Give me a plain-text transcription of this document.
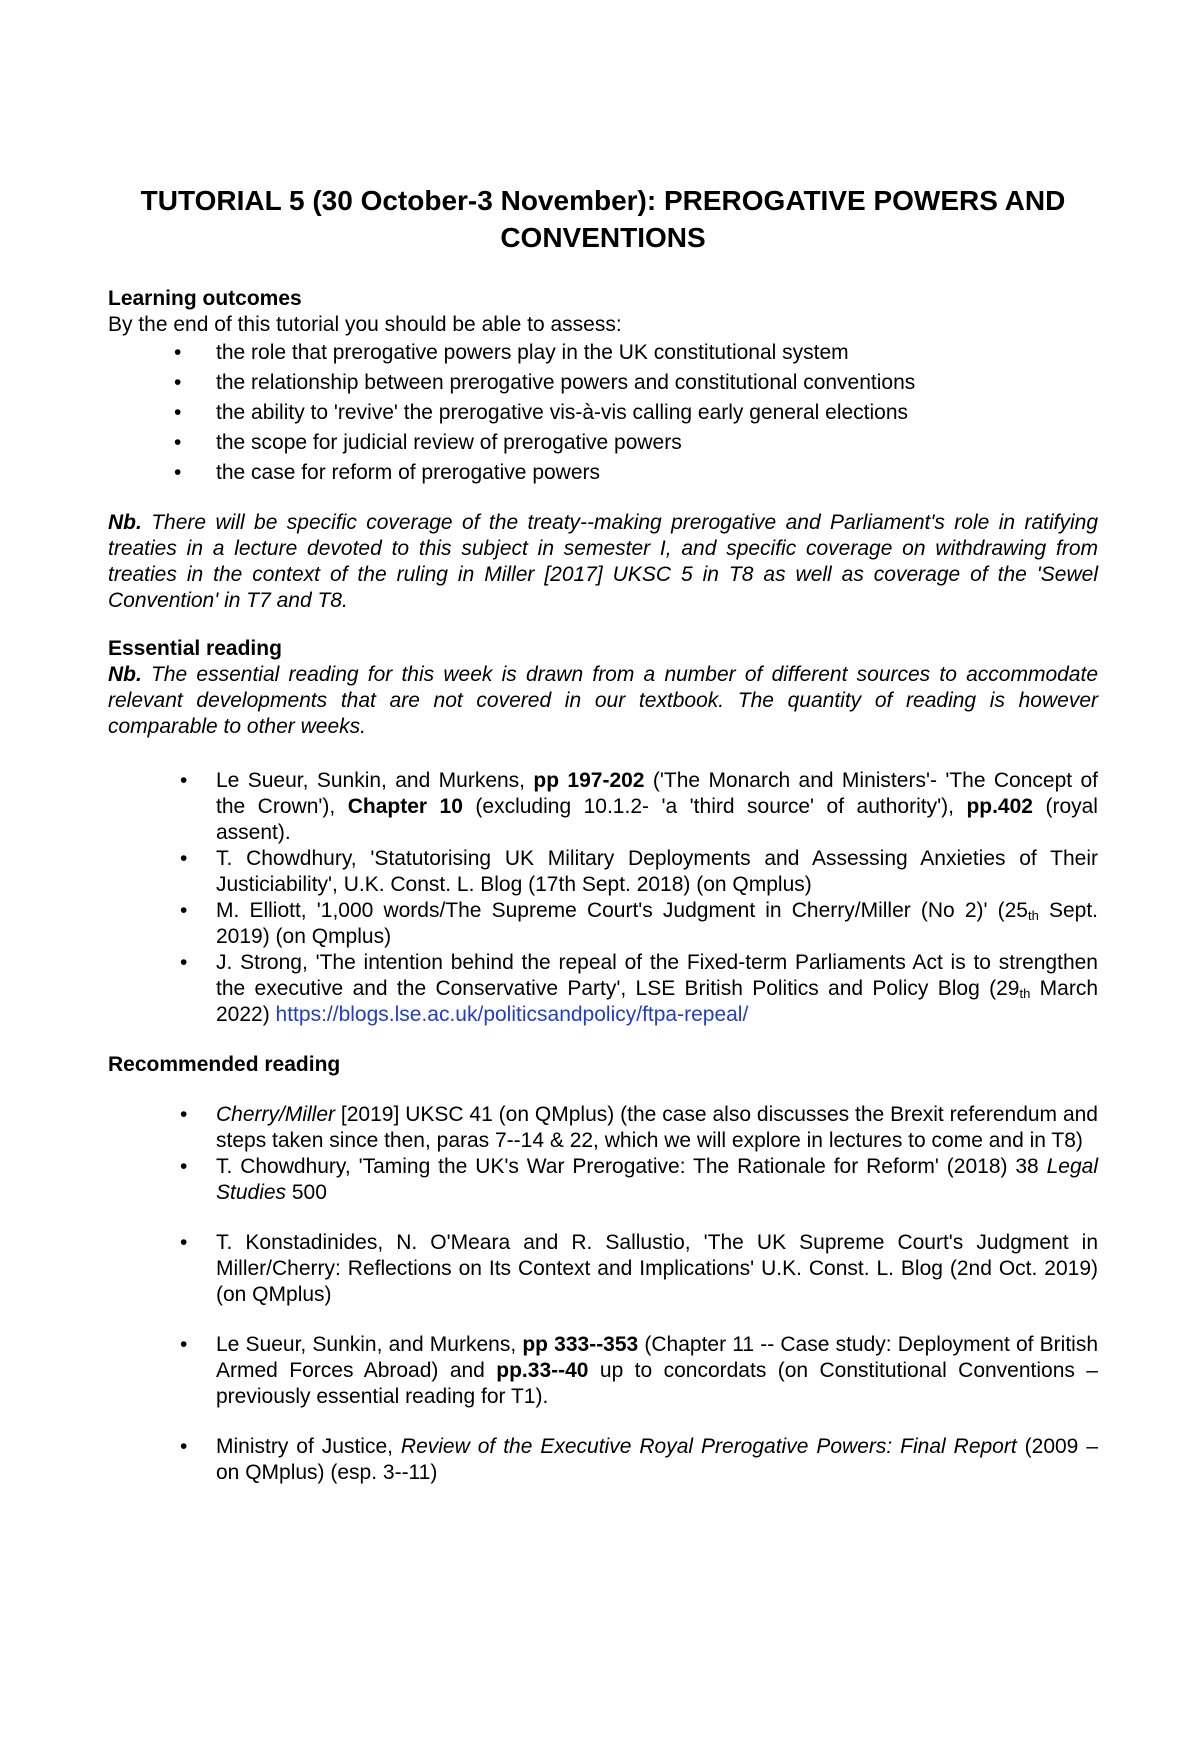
TUTORIAL 5 (30 October-3 November): PREROGATIVE POWERS AND CONVENTIONS
Learning outcomes
By the end of this tutorial you should be able to assess:
• the role that prerogative powers play in the UK constitutional system
• the relationship between prerogative powers and constitutional conventions
• the ability to 'revive' the prerogative vis-à-vis calling early general elections
• the scope for judicial review of prerogative powers
• the case for reform of prerogative powers
Nb. There will be specific coverage of the treaty--making prerogative and Parliament's role in ratifying treaties in a lecture devoted to this subject in semester I, and specific coverage on withdrawing from treaties in the context of the ruling in Miller [2017] UKSC 5 in T8 as well as coverage of the 'Sewel Convention' in T7 and T8.
Essential reading
Nb. The essential reading for this week is drawn from a number of different sources to accommodate relevant developments that are not covered in our textbook. The quantity of reading is however comparable to other weeks.
• Le Sueur, Sunkin, and Murkens, pp 197-202 ('The Monarch and Ministers'- 'The Concept of the Crown'), Chapter 10 (excluding 10.1.2- 'a 'third source' of authority'), pp.402 (royal assent).
• T. Chowdhury, 'Statutorising UK Military Deployments and Assessing Anxieties of Their Justiciability', U.K. Const. L. Blog (17th Sept. 2018) (on Qmplus)
• M. Elliott, '1,000 words/The Supreme Court's Judgment in Cherry/Miller (No 2)' ($25_{th}$ Sept. 2019) (on Qmplus)
• J. Strong, 'The intention behind the repeal of the Fixed-term Parliaments Act is to strengthen the executive and the Conservative Party', LSE British Politics and Policy Blog ($29_{th}$ March 2022) https://blogs.lse.ac.uk/politicsandpolicy/ftpa-repeal/
Recommended reading
• Cherry/Miller [2019] UKSC 41 (on QMplus) (the case also discusses the Brexit referendum and steps taken since then, paras 7--14 & 22, which we will explore in lectures to come and in T8)
• T. Chowdhury, 'Taming the UK's War Prerogative: The Rationale for Reform' (2018) 38 Legal Studies 500
• T. Konstadinides, N. O'Meara and R. Sallustio, 'The UK Supreme Court's Judgment in Miller/Cherry: Reflections on Its Context and Implications' U.K. Const. L. Blog (2nd Oct. 2019) (on QMplus)
• Le Sueur, Sunkin, and Murkens, pp 333--353 (Chapter 11 -- Case study: Deployment of British Armed Forces Abroad) and pp.33--40 up to concordats (on Constitutional Conventions – previously essential reading for T1).
• Ministry of Justice, Review of the Executive Royal Prerogative Powers: Final Report (2009 – on QMplus) (esp. 3--11)
